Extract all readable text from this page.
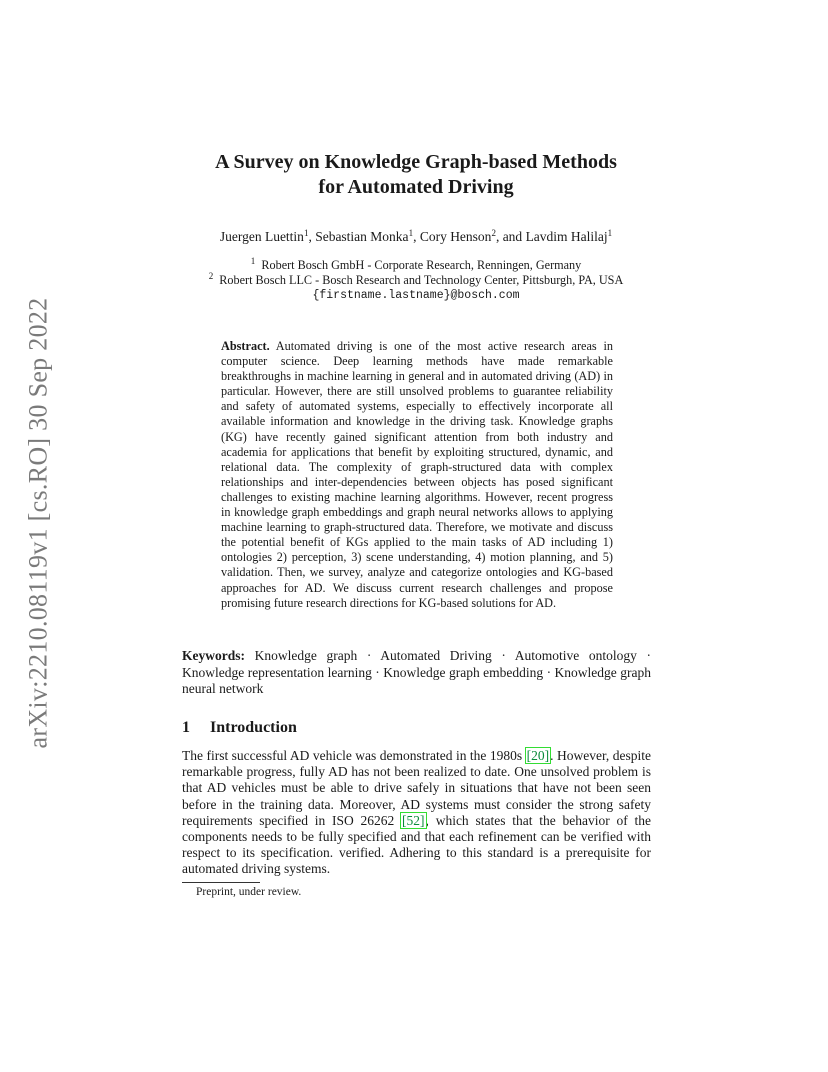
arXiv:2210.08119v1 [cs.RO] 30 Sep 2022
A Survey on Knowledge Graph-based Methods
for Automated Driving
Juergen Luettin$^1$, Sebastian Monka$^1$, Cory Henson$^2$, and Lavdim Halilaj$^1$
$^1$ Robert Bosch GmbH - Corporate Research, Renningen, Germany
$^2$ Robert Bosch LLC - Bosch Research and Technology Center, Pittsburgh, PA, USA
{firstname.lastname}@bosch.com

Abstract. Automated driving is one of the most active research areas in computer science. Deep learning methods have made remarkable breakthroughs in machine learning in general and in automated driving (AD) in particular. However, there are still unsolved problems to guarantee reliability and safety of automated systems, especially to effectively incorporate all available information and knowledge in the driving task. Knowledge graphs (KG) have recently gained significant attention from both industry and academia for applications that benefit by exploiting structured, dynamic, and relational data. The complexity of graph-structured data with complex relationships and inter-dependencies between objects has posed significant challenges to existing machine learning algorithms. However, recent progress in knowledge graph embeddings and graph neural networks allows to applying machine learning to graph-structured data. Therefore, we motivate and discuss the potential benefit of KGs applied to the main tasks of AD including 1) ontologies 2) perception, 3) scene understanding, 4) motion planning, and 5) validation. Then, we survey, analyze and categorize ontologies and KG-based approaches for AD. We discuss current research challenges and propose promising future research directions for KG-based solutions for AD.

Keywords: Knowledge graph · Automated Driving · Automotive ontology · Knowledge representation learning · Knowledge graph embedding · Knowledge graph neural network

1 Introduction

The first successful AD vehicle was demonstrated in the 1980s [20]. However, despite remarkable progress, fully AD has not been realized to date. One unsolved problem is that AD vehicles must be able to drive safely in situations that have not been seen before in the training data. Moreover, AD systems must consider the strong safety requirements specified in ISO 26262 [52], which states that the behavior of the components needs to be fully specified and that each refinement can be verified with respect to its specification. verified. Adhering to this standard is a prerequisite for automated driving systems.

Preprint, under review.
